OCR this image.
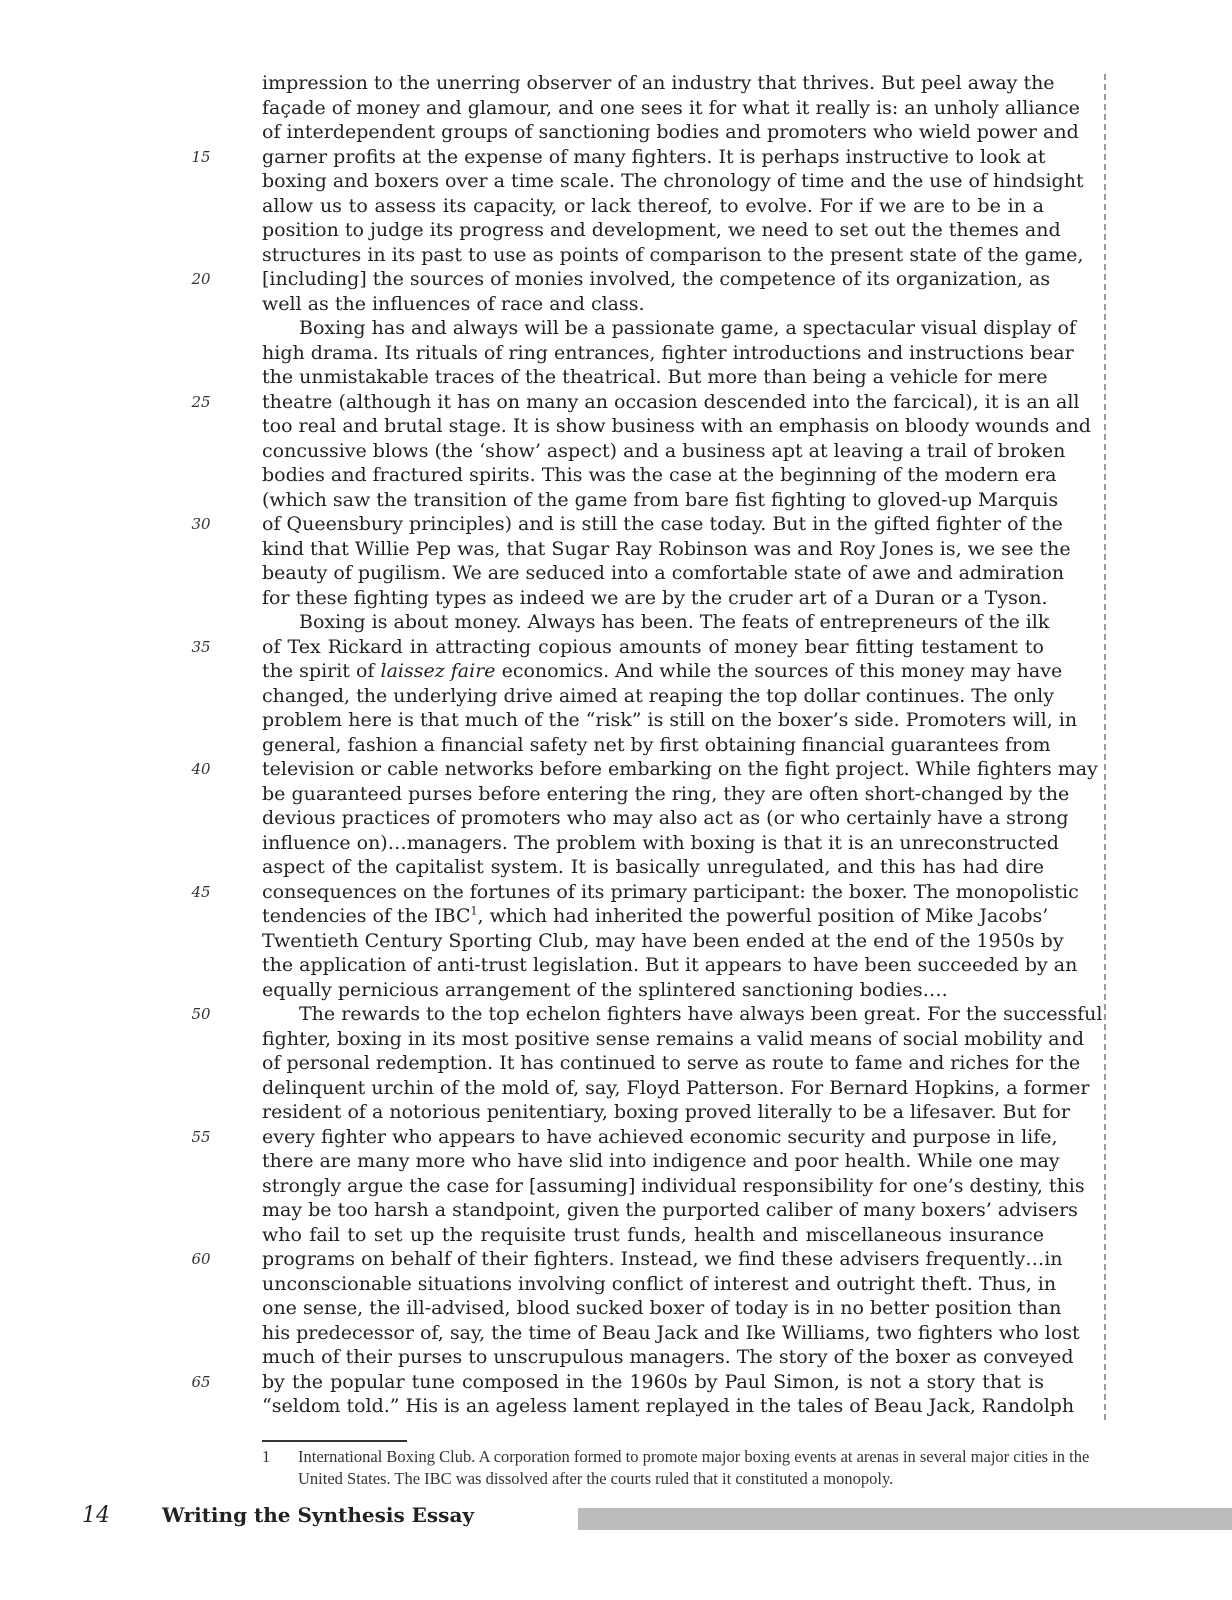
15
20
25
30
35
40
45
50
55
60
65
impression to the unerring observer of an industry that thrives. But peel away the
façade of money and glamour, and one sees it for what it really is: an unholy alliance
of interdependent groups of sanctioning bodies and promoters who wield power and
garner profits at the expense of many fighters. It is perhaps instructive to look at
boxing and boxers over a time scale. The chronology of time and the use of hindsight
allow us to assess its capacity, or lack thereof, to evolve. For if we are to be in a
position to judge its progress and development, we need to set out the themes and
structures in its past to use as points of comparison to the present state of the game,
[including] the sources of monies involved, the competence of its organization, as
well as the influences of race and class.
Boxing has and always will be a passionate game, a spectacular visual display of
high drama. Its rituals of ring entrances, fighter introductions and instructions bear
the unmistakable traces of the theatrical. But more than being a vehicle for mere
theatre (although it has on many an occasion descended into the farcical), it is an all
too real and brutal stage. It is show business with an emphasis on bloody wounds and
concussive blows (the ‘show’ aspect) and a business apt at leaving a trail of broken
bodies and fractured spirits. This was the case at the beginning of the modern era
(which saw the transition of the game from bare fist fighting to gloved-up Marquis
of Queensbury principles) and is still the case today. But in the gifted fighter of the
kind that Willie Pep was, that Sugar Ray Robinson was and Roy Jones is, we see the
beauty of pugilism. We are seduced into a comfortable state of awe and admiration
for these fighting types as indeed we are by the cruder art of a Duran or a Tyson.
Boxing is about money. Always has been. The feats of entrepreneurs of the ilk
of Tex Rickard in attracting copious amounts of money bear fitting testament to
the spirit of laissez faire economics. And while the sources of this money may have
changed, the underlying drive aimed at reaping the top dollar continues. The only
problem here is that much of the “risk” is still on the boxer’s side. Promoters will, in
general, fashion a financial safety net by first obtaining financial guarantees from
television or cable networks before embarking on the fight project. While fighters may
be guaranteed purses before entering the ring, they are often short-changed by the
devious practices of promoters who may also act as (or who certainly have a strong
influence on)…managers. The problem with boxing is that it is an unreconstructed
aspect of the capitalist system. It is basically unregulated, and this has had dire
consequences on the fortunes of its primary participant: the boxer. The monopolistic
tendencies of the IBC$^1$, which had inherited the powerful position of Mike Jacobs’
Twentieth Century Sporting Club, may have been ended at the end of the 1950s by
the application of anti-trust legislation. But it appears to have been succeeded by an
equally pernicious arrangement of the splintered sanctioning bodies….
The rewards to the top echelon fighters have always been great. For the successful
fighter, boxing in its most positive sense remains a valid means of social mobility and
of personal redemption. It has continued to serve as route to fame and riches for the
delinquent urchin of the mold of, say, Floyd Patterson. For Bernard Hopkins, a former
resident of a notorious penitentiary, boxing proved literally to be a lifesaver. But for
every fighter who appears to have achieved economic security and purpose in life,
there are many more who have slid into indigence and poor health. While one may
strongly argue the case for [assuming] individual responsibility for one’s destiny, this
may be too harsh a standpoint, given the purported caliber of many boxers’ advisers
who fail to set up the requisite trust funds, health and miscellaneous insurance
programs on behalf of their fighters. Instead, we find these advisers frequently…in
unconscionable situations involving conflict of interest and outright theft. Thus, in
one sense, the ill-advised, blood sucked boxer of today is in no better position than
his predecessor of, say, the time of Beau Jack and Ike Williams, two fighters who lost
much of their purses to unscrupulous managers. The story of the boxer as conveyed
by the popular tune composed in the 1960s by Paul Simon, is not a story that is
“seldom told.” His is an ageless lament replayed in the tales of Beau Jack, Randolph
1 International Boxing Club. A corporation formed to promote major boxing events at arenas in several major cities in the United States. The IBC was dissolved after the courts ruled that it constituted a monopoly.
14	Writing the Synthesis Essay
